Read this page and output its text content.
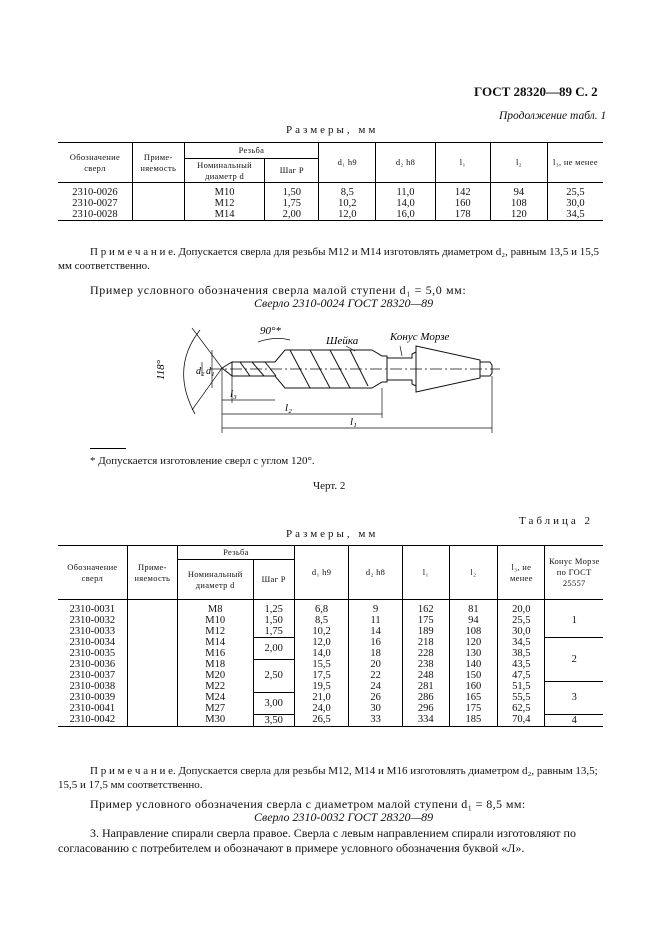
ГОСТ 28320—89 С. 2
Продолжение табл. 1
Размеры, мм
Обозначение сверл	Приме-няемость	Резьба		d₁ h9	d₂ h8	l₁	l₂	l₃, не менее
		Номинальный диаметр d	Шаг P					

2310-0026		M10	1,50	8,5	11,0	142	94	25,5
2310-0027		M12	1,75	10,2	14,0	160	108	30,0
2310-0028		M14	2,00	12,0	16,0	178	120	34,5

П р и м е ч а н и е. Допускается сверла для резьбы М12 и М14 изготовлять диаметром d₂, равным 13,5 и 15,5 мм соответственно.

Пример условного обозначения сверла малой ступени d₁ = 5,0 мм:
Сверло 2310-0024 ГОСТ 28320—89
90°*
118°
Шейка	Конус Морзе
d₂ d₁
l₃
l₂
l₁
* Допускается изготовление сверл с углом 120°.
Черт. 2
Таблица 2
Размеры, мм
Обозначение сверл	Приме-няемость	Резьба		d₁ h9	d₂ h8	l₁	l₂	l₃, не менее	Конус Морзе по ГОСТ 25557
		Номинальный диаметр d	Шаг P						

2310-0031		M8	1,25	6,8	9	162	81	20,0	1
2310-0032		M10	1,50	8,5	11	175	94	25,5	
2310-0033		M12	1,75	10,2	14	189	108	30,0	
2310-0034		M14	2,00	12,0	16	218	120	34,5	2
2310-0035		M16		14,0	18	228	130	38,5	
2310-0036		M18	2,50	15,5	20	238	140	43,5	
2310-0037		M20		17,5	22	248	150	47,5	
2310-0038		M22		19,5	24	281	160	51,5	3
2310-0039		M24	3,00	21,0	26	286	165	55,5	
2310-0041		M27		24,0	30	296	175	62,5	
2310-0042		M30	3,50	26,5	33	334	185	70,4	4

П р и м е ч а н и е. Допускается сверла для резьбы М12, М14 и М16 изготовлять диаметром d₂, равным 13,5; 15,5 и 17,5 мм соответственно.

Пример условного обозначения сверла с диаметром малой ступени d₁ = 8,5 мм:
Сверло 2310-0032 ГОСТ 28320—89

3. Направление спирали сверла правое. Сверла с левым направлением спирали изготовляют по согласованию с потребителем и обозначают в примере условного обозначения буквой «Л».
